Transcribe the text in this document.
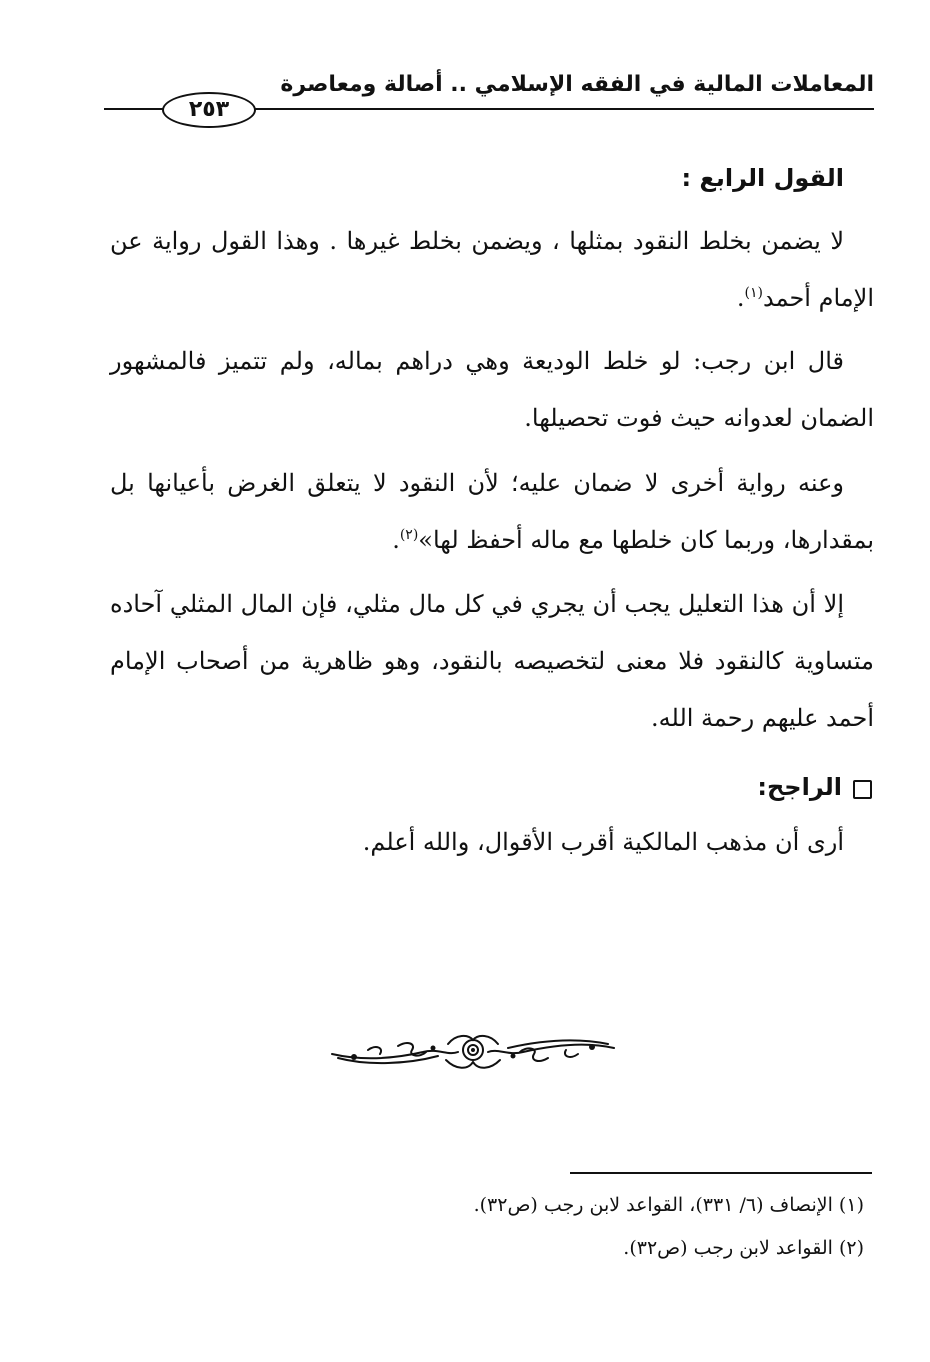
المعاملات المالية في الفقه الإسلامي .. أصالة ومعاصرة
٢٥٣
القول الرابع :
لا يضمن بخلط النقود بمثلها ، ويضمن بخلط غيرها . وهذا القول رواية عن الإمام أحمد$^{(١)}$.
قال ابن رجب: لو خلط الوديعة وهي دراهم بماله، ولم تتميز فالمشهور الضمان لعدوانه حيث فوت تحصيلها.
وعنه رواية أخرى لا ضمان عليه؛ لأن النقود لا يتعلق الغرض بأعيانها بل بمقدارها، وربما كان خلطها مع ماله أحفظ لها»$^{(٢)}$.
إلا أن هذا التعليل يجب أن يجري في كل مال مثلي، فإن المال المثلي آحاده متساوية كالنقود فلا معنى لتخصيصه بالنقود، وهو ظاهرية من أصحاب الإمام أحمد عليهم رحمة الله.
الراجح:
أرى أن مذهب المالكية أقرب الأقوال، والله أعلم.
(١) الإنصاف (٦/ ٣٣١)، القواعد لابن رجب (ص٣٢).
(٢) القواعد لابن رجب (ص٣٢).
